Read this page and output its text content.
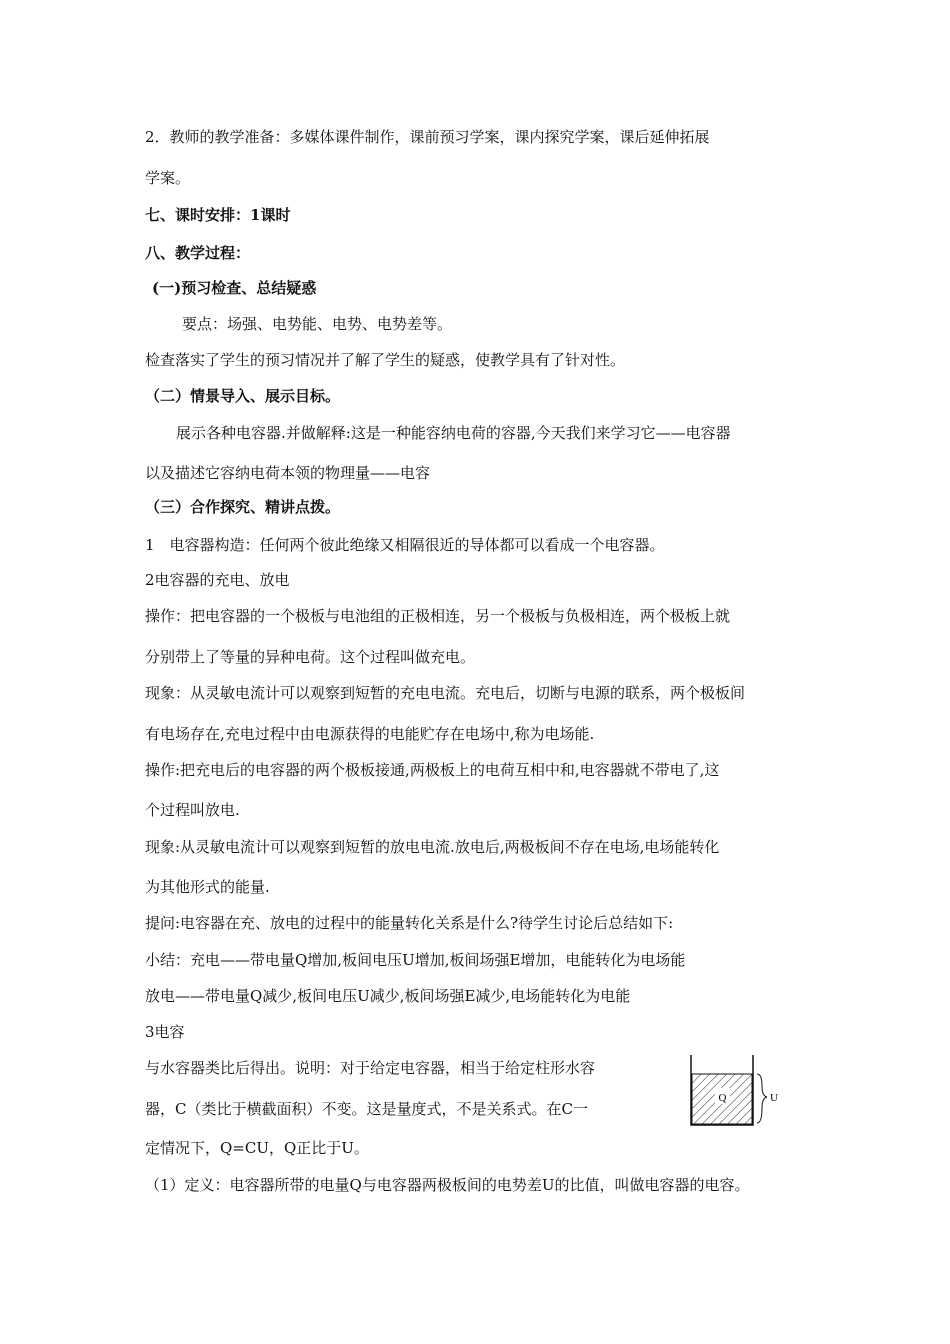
2．教师的教学准备：多媒体课件制作，课前预习学案，课内探究学案，课后延伸拓展
学案。
七、课时安排：1课时
八、教学过程：
(一)预习检查、总结疑惑
要点：场强、电势能、电势、电势差等。
检查落实了学生的预习情况并了解了学生的疑惑，使教学具有了针对性。
（二）情景导入、展示目标。
展示各种电容器.并做解释:这是一种能容纳电荷的容器,今天我们来学习它——电容器
以及描述它容纳电荷本领的物理量——电容
（三）合作探究、精讲点拨。
1　电容器构造：任何两个彼此绝缘又相隔很近的导体都可以看成一个电容器。
2电容器的充电、放电
操作：把电容器的一个极板与电池组的正极相连，另一个极板与负极相连，两个极板上就
分别带上了等量的异种电荷。这个过程叫做充电。
现象：从灵敏电流计可以观察到短暂的充电电流。充电后，切断与电源的联系，两个极板间
有电场存在,充电过程中由电源获得的电能贮存在电场中,称为电场能.
操作:把充电后的电容器的两个极板接通,两极板上的电荷互相中和,电容器就不带电了,这
个过程叫放电.
现象:从灵敏电流计可以观察到短暂的放电电流.放电后,两极板间不存在电场,电场能转化
为其他形式的能量.
提问:电容器在充、放电的过程中的能量转化关系是什么?待学生讨论后总结如下:
小结：充电——带电量Q增加,板间电压U增加,板间场强E增加，电能转化为电场能
放电——带电量Q减少,板间电压U减少,板间场强E减少,电场能转化为电能
3电容
与水容器类比后得出。说明：对于给定电容器，相当于给定柱形水容
器，C（类比于横截面积）不变。这是量度式，不是关系式。在C一
定情况下，Q=CU，Q正比于U。
（1）定义：电容器所带的电量Q与电容器两极板间的电势差U的比值，叫做电容器的电容。
Q	U
